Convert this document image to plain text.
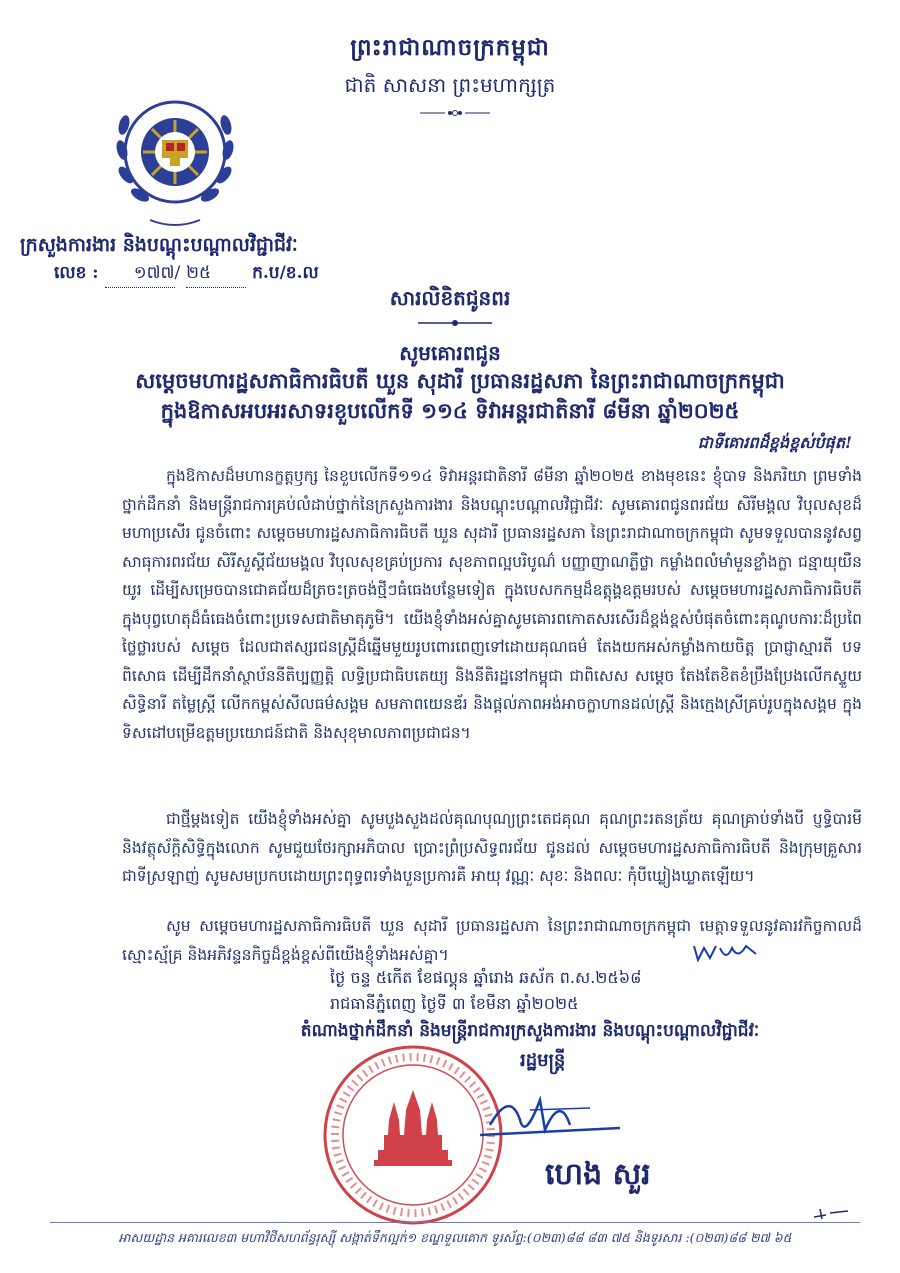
ព្រះរាជាណាចក្រកម្ពុជា
ជាតិ សាសនា ព្រះមហាក្សត្រ
ក្រសួងការងារ និងបណ្តុះបណ្តាលវិជ្ជាជីវៈ
លេខ : ១៧៧/ ២៥ ក.ប/ខ.ល
សារលិខិតជូនពរ
សូមគោរពជូន
សម្តេចមហារដ្ឋសភាធិការធិបតី ឃួន សុដារី ប្រធានរដ្ឋសភា នៃព្រះរាជាណាចក្រកម្ពុជា
ក្នុងឱកាសអបអរសាទរខួបលើកទី ១១៤ ទិវាអន្តរជាតិនារី ៨មីនា ឆ្នាំ២០២៥
ជាទីគោរពដ៏ខ្ពង់ខ្ពស់បំផុត!
ក្នុងឱកាសដ៏មហានក្ខត្តឫក្ស នៃខួបលើកទី១១៤ ទិវាអន្តរជាតិនារី ៨មីនា ឆ្នាំ២០២៥ ខាងមុខនេះ ខ្ញុំបាទ និងភរិយា ព្រមទាំងថ្នាក់ដឹកនាំ និងមន្ត្រីរាជការគ្រប់លំដាប់ថ្នាក់នៃក្រសួងការងារ និងបណ្តុះបណ្តាលវិជ្ជាជីវៈ សូមគោរពជូនពរជ័យ សិរីមង្គល វិបុលសុខដ៏មហាប្រសើរ ជូនចំពោះ សម្តេចមហារដ្ឋសភាធិការធិបតី ឃួន សុដារី ប្រធានរដ្ឋសភា នៃព្រះរាជាណាចក្រកម្ពុជា សូមទទួលបាននូវសព្វសាធុការពរជ័យ សិរីសួស្តីជ័យមង្គល វិបុលសុខគ្រប់ប្រការ សុខភាពល្អបរិបូណ៌ បញ្ញាញាណភ្លឺថ្លា កម្លាំងពលំមាំមួនខ្លាំងក្លា ជន្មាយុយឺនយូរ ដើម្បីសម្រេចបានជោគជ័យដ៏ត្រចះត្រចង់ថ្មីៗធំធេងបន្ថែមទៀត ក្នុងបេសកកម្មដ៏ឧត្តុង្គឧត្តមរបស់ សម្តេចមហារដ្ឋសភាធិការធិបតី ក្នុងបុព្វហេតុដ៏ធំធេងចំពោះប្រទេសជាតិមាតុភូមិ។ យើងខ្ញុំទាំងអស់គ្នាសូមគោរពកោតសរសើរដ៏ខ្ពង់ខ្ពស់បំផុតចំពោះគុណូបការៈដ៏ប្រពៃថ្លៃថ្លារបស់ សម្តេច ដែលជាឥស្សរជនស្ត្រីដ៏ឆ្នើមមួយរូបពោរពេញទៅដោយគុណធម៌ តែងយកអស់កម្លាំងកាយចិត្ត ប្រាជ្ញាស្មារតី បទពិសោធ ដើម្បីដឹកនាំស្ថាប័ននីតិប្បញ្ញត្តិ លទ្ធិប្រជាធិបតេយ្យ និងនីតិរដ្ឋនៅកម្ពុជា ជាពិសេស សម្តេច តែងតែខិតខំប្រឹងប្រែងលើកស្ទួយសិទ្ធិនារី តម្លៃស្ត្រី លើកកម្ពស់សីលធម៌សង្គម សមភាពយេនឌ័រ និងផ្តល់ភាពអង់អាចក្លាហានដល់ស្ត្រី និងក្មេងស្រីគ្រប់រូបក្នុងសង្គម ក្នុងទិសដៅបម្រើឧត្តមប្រយោជន៍ជាតិ និងសុខុមាលភាពប្រជាជន។
ជាថ្មីម្តងទៀត យើងខ្ញុំទាំងអស់គ្នា សូមបួងសួងដល់គុណបុណ្យព្រះតេជគុណ គុណព្រះរតនត្រ័យ គុណគ្រាប់ទាំងបី ប្ញទ្ធិបារមី និងវត្ថុស័ក្តិសិទ្ធិក្នុងលោក សូមជួយថែរក្សាអភិបាល ប្រោះព្រំប្រសិទ្ធពរជ័យ ជូនដល់ សម្តេចមហារដ្ឋសភាធិការធិបតី និងក្រុមគ្រួសារជាទីស្រឡាញ់ សូមសមប្រកបដោយព្រះពុទ្ធពរទាំងបួនប្រការគឺ អាយុ វណ្ណៈ សុខៈ និងពលៈ កុំបីឃ្លៀងឃ្លាតឡើយ។
សូម សម្តេចមហារដ្ឋសភាធិការធិបតី ឃួន សុដារី ប្រធានរដ្ឋសភា នៃព្រះរាជាណាចក្រកម្ពុជា មេត្តាទទួលនូវគារវកិច្ចកាលដ៏ស្មោះស្ម័គ្រ និងអភិវន្ទនកិច្ចដ៏ខ្ពង់ខ្ពស់ពីយើងខ្ញុំទាំងអស់គ្នា។
ថ្ងៃ ចន្ទ ៥កើត ខែផល្គុន ឆ្នាំរោង ឆស័ក ព.ស.២៥៦៨
រាជធានីភ្នំពេញ ថ្ងៃទី ៣ ខែមីនា ឆ្នាំ២០២៥
តំណាងថ្នាក់ដឹកនាំ និងមន្ត្រីរាជការក្រសួងការងារ និងបណ្តុះបណ្តាលវិជ្ជាជីវៈ
រដ្ឋមន្ត្រី
ហេង សួរ
អាសយដ្ឋាន អគារលេខ៣ មហាវិថីសហព័ន្ធរុស្ស៊ី សង្កាត់ទឹកល្អក់១ ខណ្ឌទួលគោក ទូរស័ព្ទ:(០២៣)៨៨ ៨៣ ៧៥ និងទូរសារ :(០២៣)៨៨ ២៧ ៦៥
